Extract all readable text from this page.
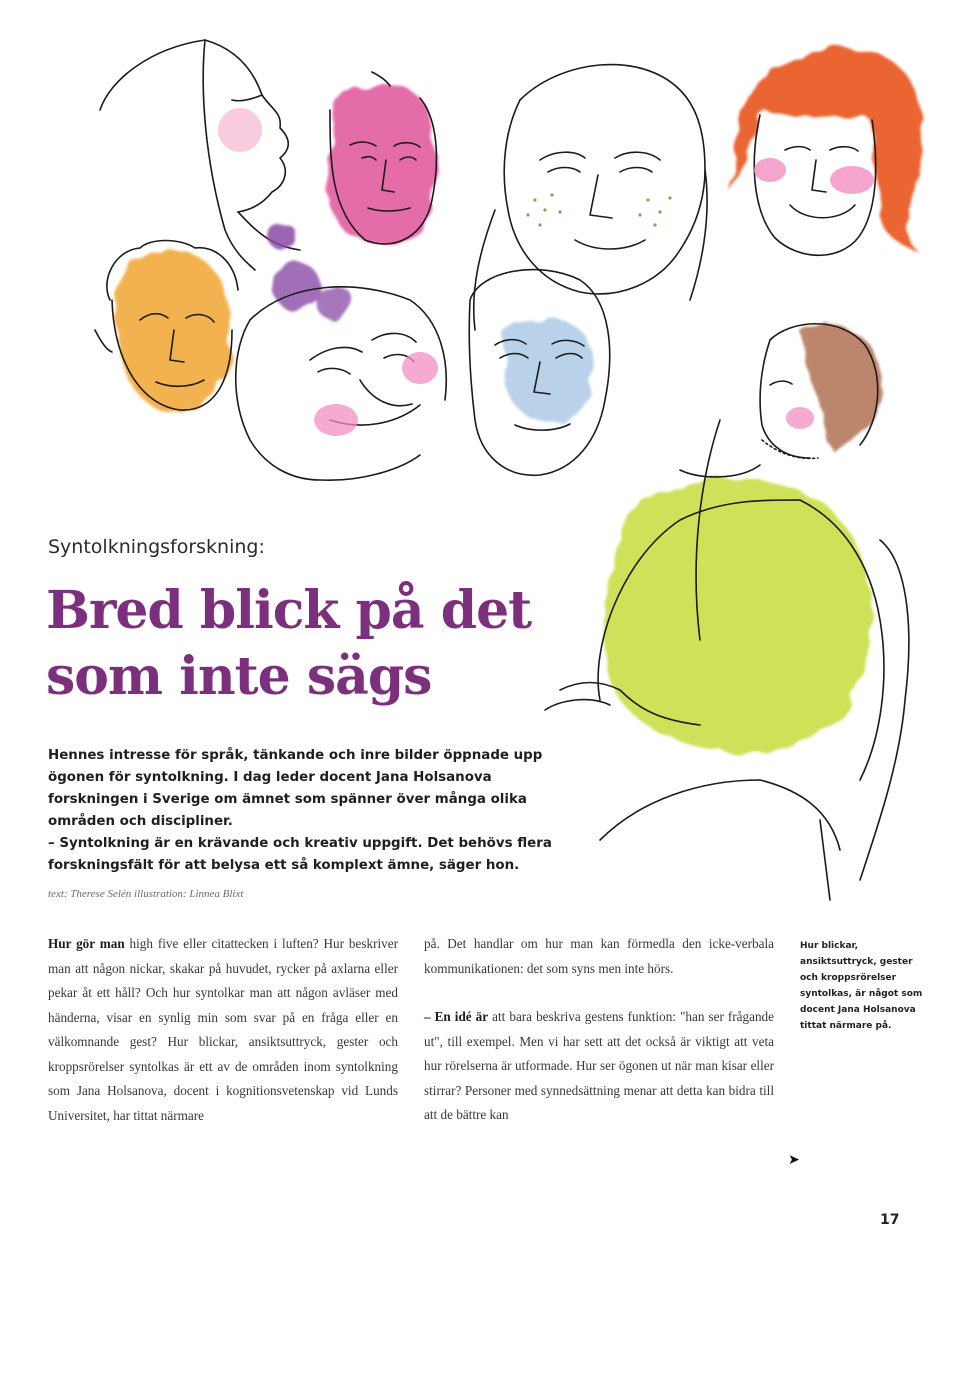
Syntolkningsforskning:
Bred blick på det
som inte sägs

Hennes intresse för språk, tänkande och inre bilder öppnade upp ögonen för syntolkning. I dag leder docent Jana Holsanova forskningen i Sverige om ämnet som spänner över många olika områden och discipliner.

– Syntolkning är en krävande och kreativ uppgift. Det behövs flera forskningsfält för att belysa ett så komplext ämne, säger hon.

text: Therese Selén illustration: Linnea Blixt

Hur gör man high five eller citattecken i luften? Hur beskriver man att någon nickar, skakar på huvudet, rycker på axlarna eller pekar åt ett håll? Och hur syntolkar man att någon avläser med händerna, visar en synlig min som svar på en fråga eller en välkomnande gest? Hur blickar, ansiktsuttryck, gester och kroppsrörelser syntolkas är ett av de områden inom syntolkning som Jana Holsanova, docent i kognitionsvetenskap vid Lunds Universitet, har tittat närmare

på. Det handlar om hur man kan förmedla den icke-verbala kommunikationen: det som syns men inte hörs.

– En idé är att bara beskriva gestens funktion: "han ser frågande ut", till exempel. Men vi har sett att det också är viktigt att veta hur rörelserna är utformade. Hur ser ögonen ut när man kisar eller stirrar? Personer med synnedsättning menar att detta kan bidra till att de bättre kan

Hur blickar, ansiktsuttryck, gester och kroppsrörelser syntolkas, är något som docent Jana Holsanova tittat närmare på.
➤
17
